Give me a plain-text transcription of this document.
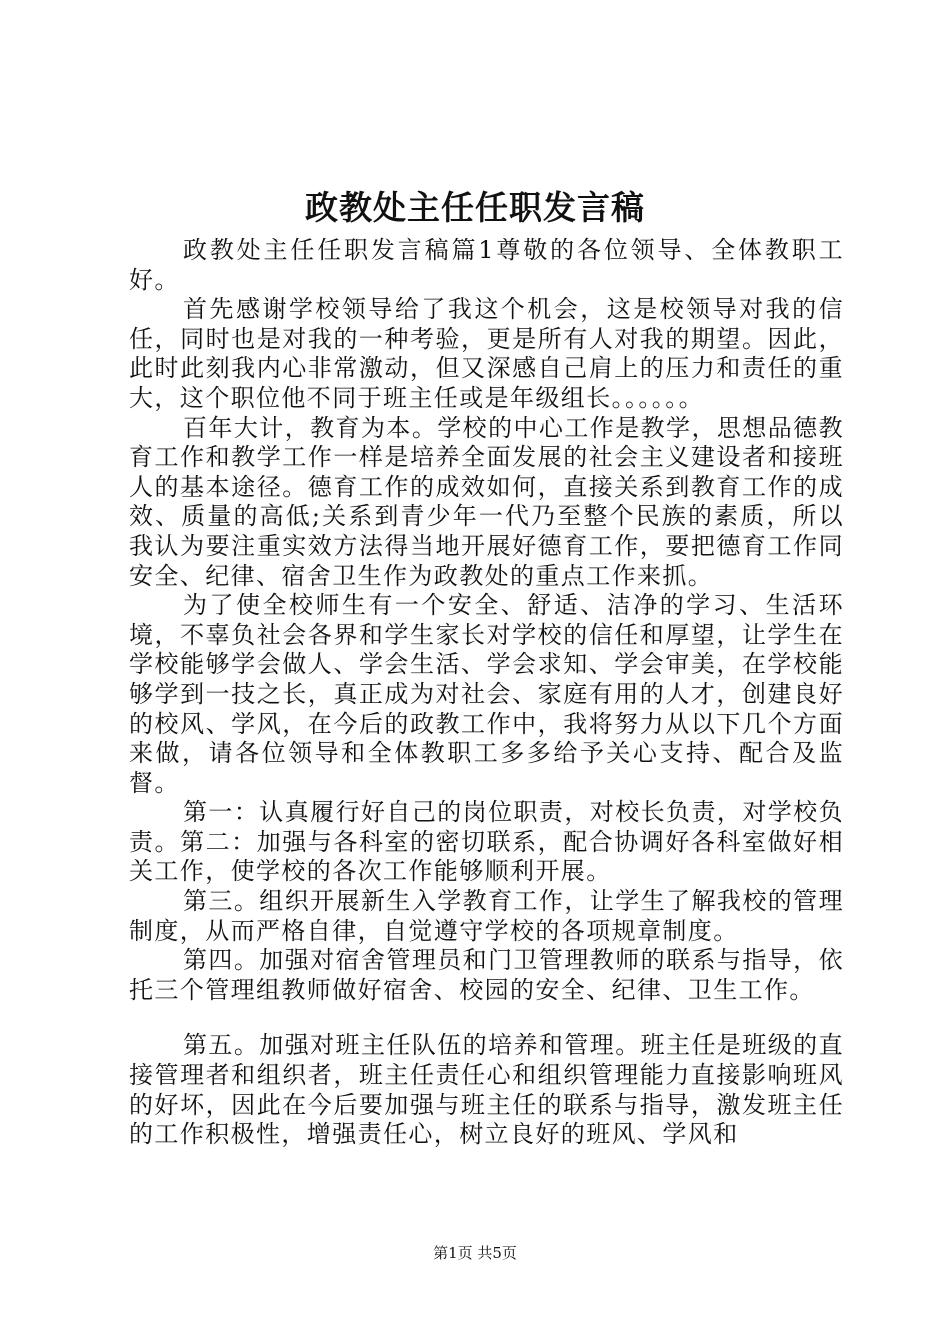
政教处主任任职发言稿

政教处主任任职发言稿篇1尊敬的各位领导、全体教职工好。

首先感谢学校领导给了我这个机会，这是校领导对我的信任，同时也是对我的一种考验，更是所有人对我的期望。因此，此时此刻我内心非常激动，但又深感自己肩上的压力和责任的重大，这个职位他不同于班主任或是年级组长。。。。。。

百年大计，教育为本。学校的中心工作是教学，思想品德教育工作和教学工作一样是培养全面发展的社会主义建设者和接班人的基本途径。德育工作的成效如何，直接关系到教育工作的成效、质量的高低;关系到青少年一代乃至整个民族的素质，所以我认为要注重实效方法得当地开展好德育工作，要把德育工作同安全、纪律、宿舍卫生作为政教处的重点工作来抓。

为了使全校师生有一个安全、舒适、洁净的学习、生活环境，不辜负社会各界和学生家长对学校的信任和厚望，让学生在学校能够学会做人、学会生活、学会求知、学会审美，在学校能够学到一技之长，真正成为对社会、家庭有用的人才，创建良好的校风、学风，在今后的政教工作中，我将努力从以下几个方面来做，请各位领导和全体教职工多多给予关心支持、配合及监督。

第一：认真履行好自己的岗位职责，对校长负责，对学校负责。第二：加强与各科室的密切联系，配合协调好各科室做好相关工作，使学校的各次工作能够顺利开展。

第三。组织开展新生入学教育工作，让学生了解我校的管理制度，从而严格自律，自觉遵守学校的各项规章制度。

第四。加强对宿舍管理员和门卫管理教师的联系与指导，依托三个管理组教师做好宿舍、校园的安全、纪律、卫生工作。

第五。加强对班主任队伍的培养和管理。班主任是班级的直接管理者和组织者，班主任责任心和组织管理能力直接影响班风的好坏，因此在今后要加强与班主任的联系与指导，激发班主任的工作积极性，增强责任心，树立良好的班风、学风和

第1页 共5页
